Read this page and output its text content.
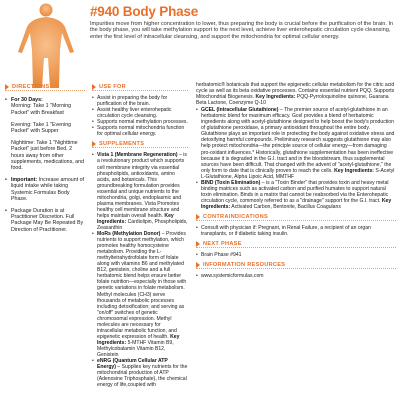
#940 Body Phase
Impurities move from higher concentration to lower, thus preparing the body is crucial before the purification of the brain. In the body phase, you will take methylation support to the next level, achieve liver enterohepatic circulation cycle cleansing, enter the first level of intracellular cleansing, and support the mitochondria for optimal cellular energy.
DIRECTIONS
• For 30 Days:
Morning: Take 1 "Morning Packet" with Breakfast
Evening: Take 1 "Evening Packet" with Supper
Nighttime: Take 1 "Nighttime Packet" just before Bed. 2 hours away from other supplements, medications, and food.
• Important: Increase amount of liquid intake while taking Systemic Formulas Body Phase.
• Package Duration is at Practitioner Discretion. Full Package May Be Repeated By Direction of Practitioner.
USE FOR
• Assist in preparing the body for purification of the brain.
• Assist healthy liver enterohepatic circulation cycle cleansing.
• Supports normal methylation processes.
• Supports normal mitochondria function for optimal cellular energy.
SUPPLEMENTS
• Vista 1 (Membrane Regeneration) – is a revolutionary product which supports cell membrane integrity via essential phospholipids, antioxidants, amino acids, and botanicals. This groundbreaking formulation provides essential and unique nutrients to the mitochondria, golgi, endoplasmic and plasma membranes. Vista Promotes healthy cell membrane structure and helps maintain overall health. Key Ingredients: Cardiolipin, Phospholipids, Zeaxanthin
• MoRs (Methylation Donor) – Provides nutrients to support methylation, which promotes healthy homocysteine metabolism. Providing the L-methyltetrahydrofolate form of folate along with vitamins B6 and methylated B12, genistein, choline and a full herbatomic blend helps ensure better folate nutrition—especially in those with genetic variations in folate metabolism. Methyl molecules (CH3) serve thousands of metabolic processes including detoxification; and serving as "on/off" switches of genetic chromosomal expression. Methyl molecules are necessary for intracellular metabolic function, and epigenetic expression of health. Key Ingredients: 5-MTHF Vitamin B9, Methylcobalamin Vitamin B12, Genistein
• eNRG (Quantum Cellular ATP Energy) – Supplies key nutrients for the mitochondrial production of ATP (Adenosine Triphosphate), the chemical energy of life,coupled with
herbatomic® botanicals that support the epigenetic cellular metabolism for the citric acid cycle as well as its beta oxidative processes. Contains essential nutrient PQQ. Supports Mitochondrial Biogenesis. Key Ingredients: PQQ-Pyrroloquinoline quinone, Guarana Beta Lactone, Coenzyme Q-10
• GCEL (Intracellular Glutathione) – The premier source of acetyl-glutathione in an herbatomic blend for maximum efficacy. Gcel provides a blend of herbatomic ingredients along with acetyl-glutathione designed to help boost the body's production of glutathione peroxidase, a primary antioxidant throughout the entire body. Glutathione plays an important role in protecting the body against oxidative stress and detoxifying harmful compounds. Preliminary research suggests glutathione may also help protect mitochondria—the principle source of cellular energy—from damaging pro-oxidant influences.* Historically, glutathione supplementation has been ineffective because it is degraded in the G.I. tract and in the bloodstream, thus supplemental sources have been difficult. That changed with the advent of "acetyl-glutathione," the only form to date that is clinically proven to reach the cells. Key Ingredients: S-Acetyl L-Glutathione, Alpha Lipoic Acid, MMTHF
• BIND (Toxin Elimination) – is a "Toxin Binder" that provides toxin and heavy metal binding matrices such as activated carbon and purified humates to support natural toxin elimination. Binds in a matrix that cannot be reabsorbed via the Enterohepatic circulation cycle, commonly referred to as a "drainage" support for the G.I. tract. Key Ingredients: Activated Carbon, Bentonite, Bacillus Coagulans
CONTRAINDICATIONS
• Consult with physician if: Pregnant, in Renal Failure, a recipient of an organ transplants, or if diabetic taking insulin.
NEXT PHASE
• Brain Phase #941
INFORMATION RESOURCES
• www.systemicformulas.com
